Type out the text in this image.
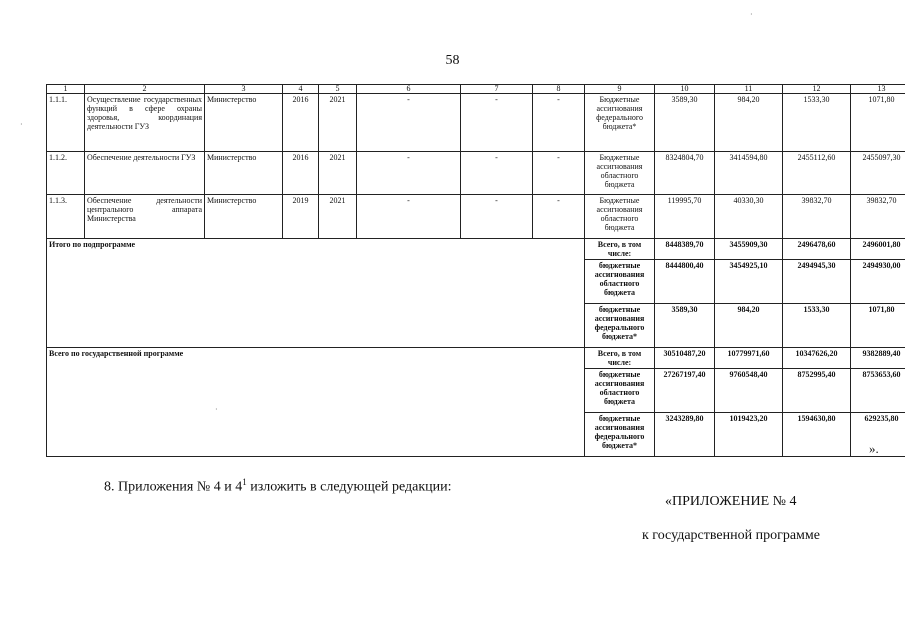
58
1	2	3	4	5	6	7	8	9	10	11	12	13
1.1.1.	Осуществление государственных функций в сфере охраны здоровья, координация деятельности ГУЗ	Министерство	2016	2021	-	-	-	Бюджетные ассигнования федерального бюджета*	3589,30	984,20	1533,30	1071,80
1.1.2.	Обеспечение деятельности ГУЗ	Министерство	2016	2021	-	-	-	Бюджетные ассигнования областного бюджета	8324804,70	3414594,80	2455112,60	2455097,30
1.1.3.	Обеспечение деятельности центрального аппарата Министерства	Министерство	2019	2021	-	-	-	Бюджетные ассигнования областного бюджета	119995,70	40330,30	39832,70	39832,70
Итого по подпрограмме								Всего, в том числе:	8448389,70	3455909,30	2496478,60	2496001,80
								бюджетные ассигнования областного бюджета	8444800,40	3454925,10	2494945,30	2494930,00
								бюджетные ассигнования федерального бюджета*	3589,30	984,20	1533,30	1071,80
Всего по государственной программе								Всего, в том числе:	30510487,20	10779971,60	10347626,20	9382889,40
								бюджетные ассигнования областного бюджета	27267197,40	9760548,40	8752995,40	8753653,60
								бюджетные ассигнования федерального бюджета*	3243289,80	1019423,20	1594630,80	629235,80
».
8. Приложения № 4 и $4^1$ изложить в следующей редакции:
«ПРИЛОЖЕНИЕ № 4
к государственной программе
·
·
·
